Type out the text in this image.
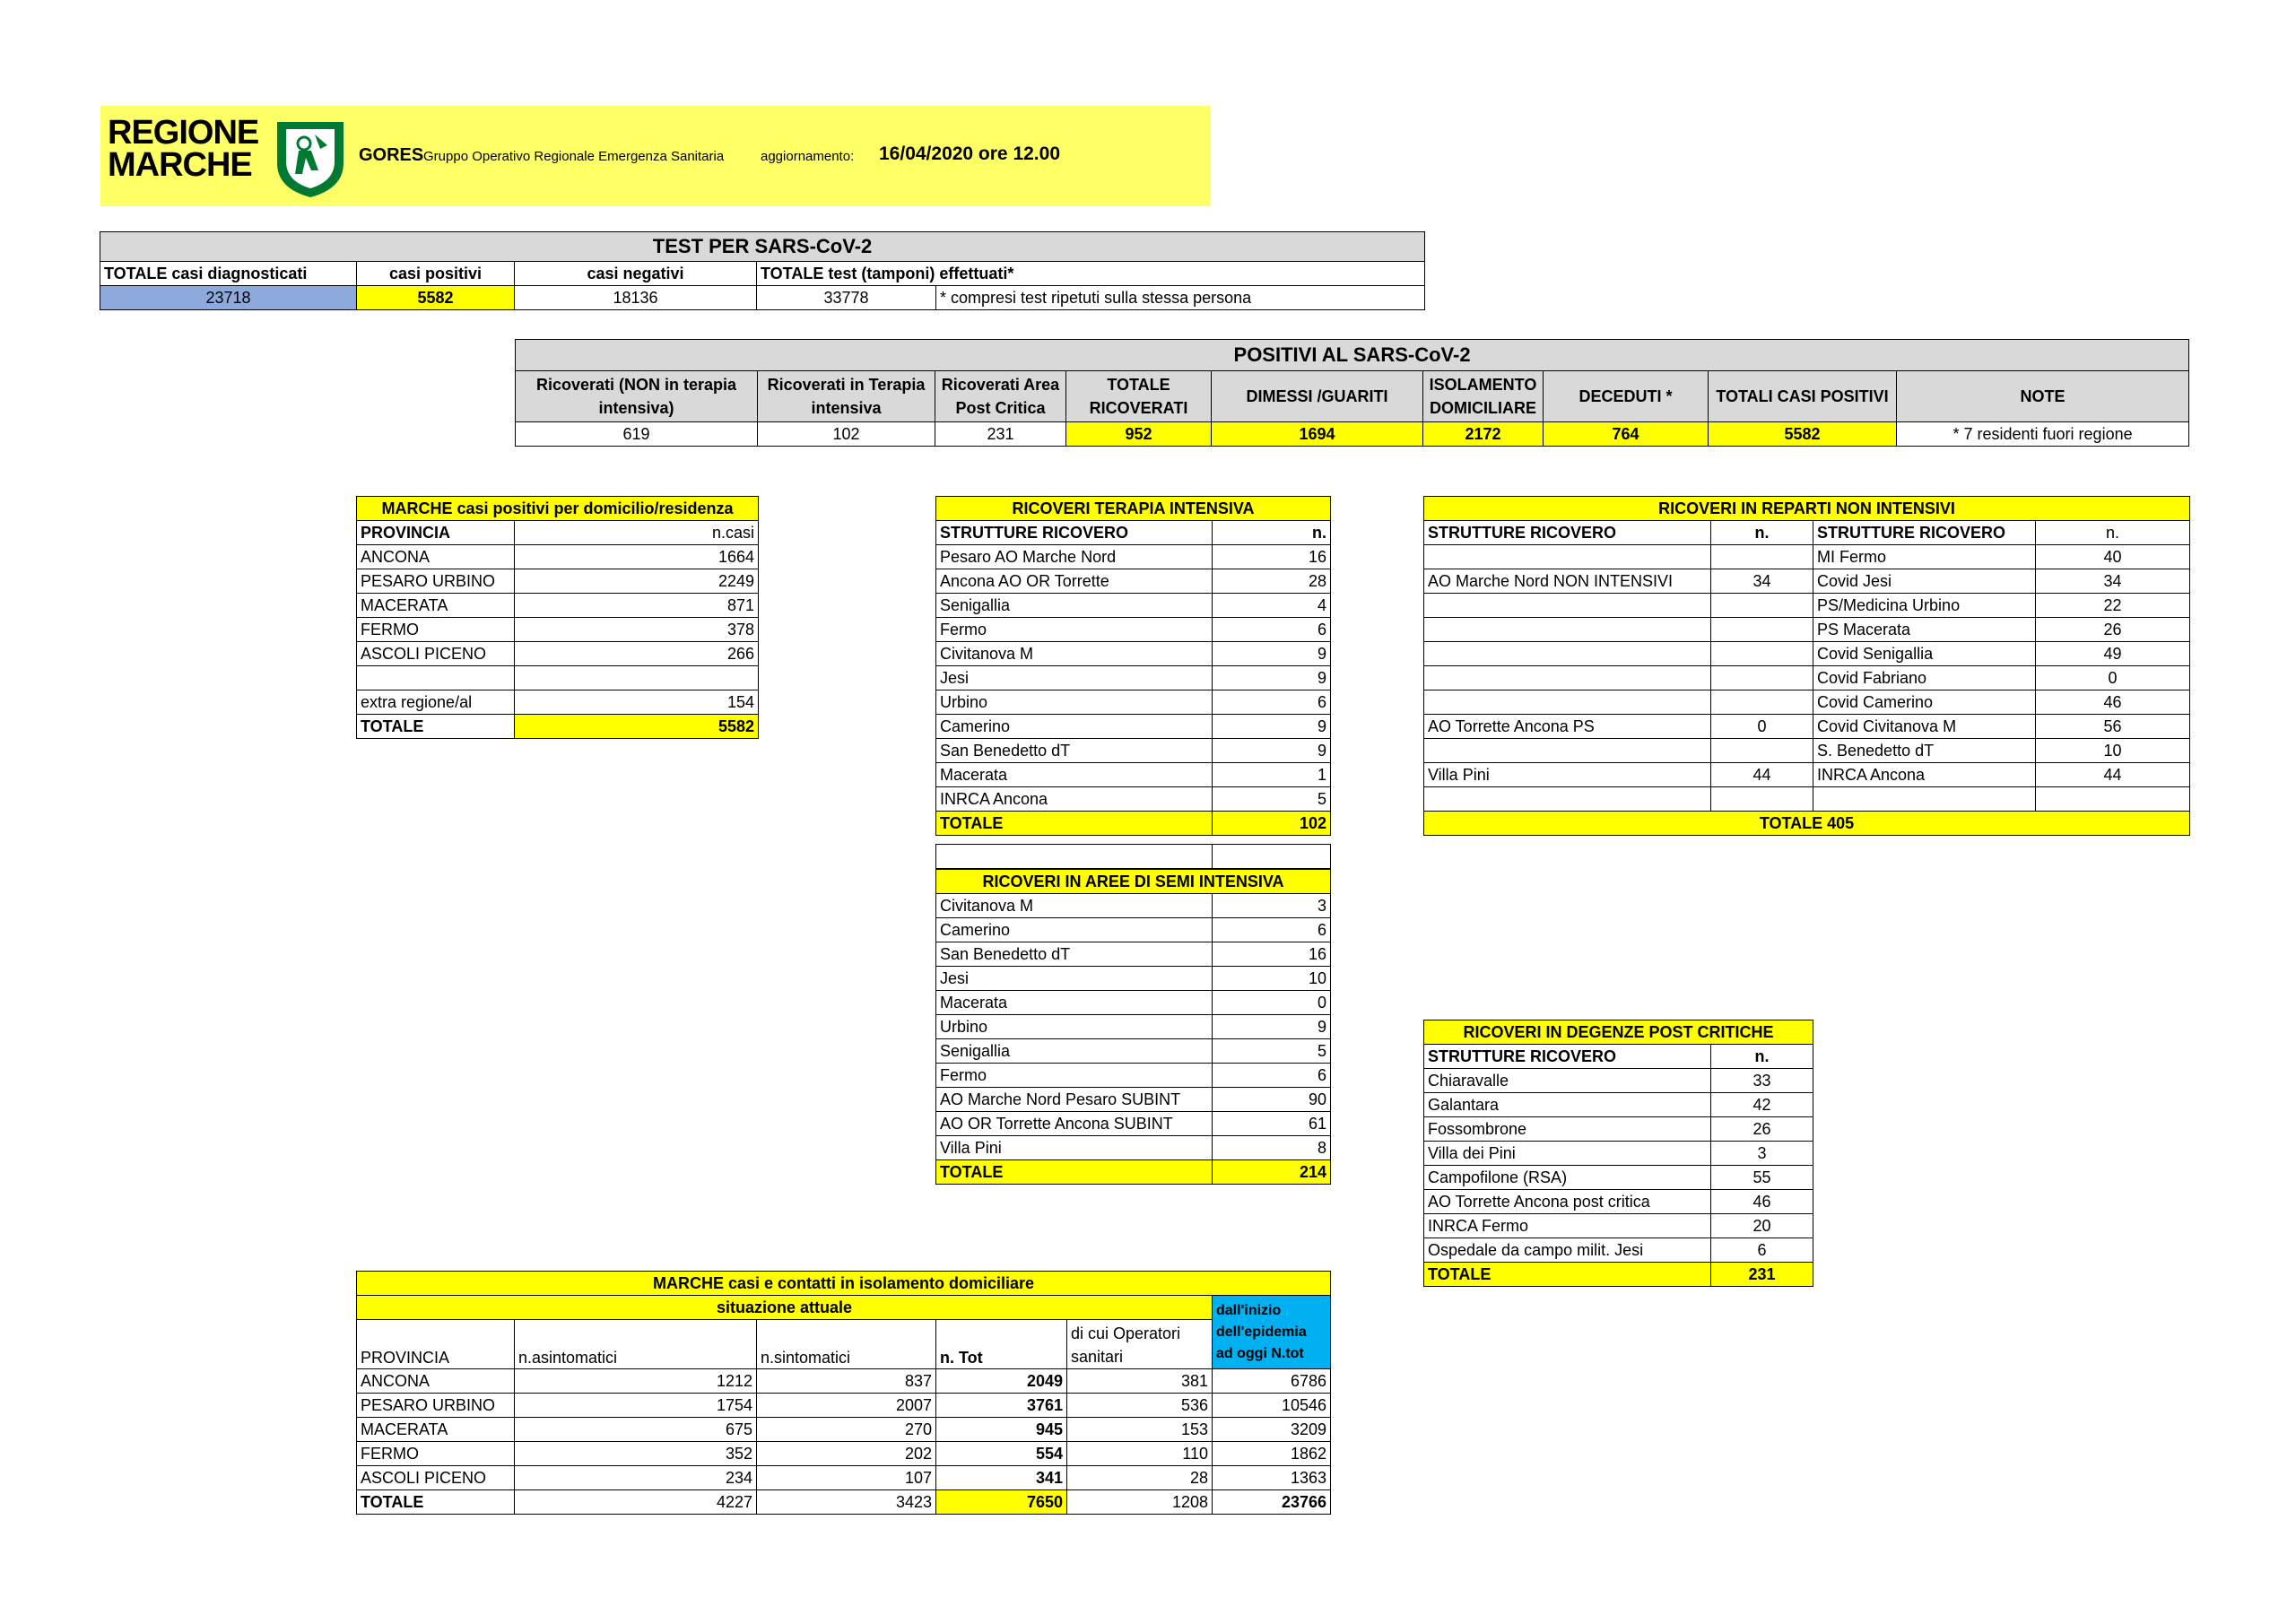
REGIONE
MARCHE	GORES Gruppo Operativo Regionale Emergenza Sanitaria	aggiornamento: 16/04/2020 ore 12.00
TEST PER SARS-CoV-2				
TOTALE casi diagnosticati	casi positivi	casi negativi	TOTALE test (tamponi) effettuati*	
23718	5582	18136	33778	* compresi test ripetuti sulla stessa persona
POSITIVI AL SARS-CoV-2								
Ricoverati (NON in terapia intensiva)	Ricoverati in Terapia intensiva	Ricoverati Area Post Critica	TOTALE RICOVERATI	DIMESSI /GUARITI	ISOLAMENTO DOMICILIARE	DECEDUTI *	TOTALI CASI POSITIVI	NOTE
619	102	231	952	1694	2172	764	5582	* 7 residenti fuori regione
MARCHE casi positivi per domicilio/residenza	
PROVINCIA	n.casi
ANCONA	1664
PESARO URBINO	2249
MACERATA	871
FERMO	378
ASCOLI PICENO	266

extra regione/al	154
TOTALE	5582
RICOVERI TERAPIA INTENSIVA	
STRUTTURE RICOVERO	n.
Pesaro AO Marche Nord	16
Ancona AO OR Torrette	28
Senigallia	4
Fermo	6
Civitanova M	9
Jesi	9
Urbino	6
Camerino	9
San Benedetto dT	9
Macerata	1
INRCA Ancona	5
TOTALE	102

RICOVERI IN AREE DI SEMI INTENSIVA	
Civitanova M	3
Camerino	6
San Benedetto dT	16
Jesi	10
Macerata	0
Urbino	9
Senigallia	5
Fermo	6
AO Marche Nord Pesaro SUBINT	90
AO OR Torrette Ancona SUBINT	61
Villa Pini	8
TOTALE	214
RICOVERI IN REPARTI NON INTENSIVI			
STRUTTURE RICOVERO	n.	STRUTTURE RICOVERO	n.
		MI Fermo	40
AO Marche Nord NON INTENSIVI	34	Covid Jesi	34
		PS/Medicina Urbino	22
		PS Macerata	26
		Covid Senigallia	49
		Covid Fabriano	0
		Covid Camerino	46
AO Torrette Ancona PS	0	Covid Civitanova M	56
		S. Benedetto dT	10
Villa Pini	44	INRCA Ancona	44

TOTALE 405			
RICOVERI IN DEGENZE POST CRITICHE	
STRUTTURE RICOVERO	n.
Chiaravalle	33
Galantara	42
Fossombrone	26
Villa dei Pini	3
Campofilone (RSA)	55
AO Torrette Ancona post critica	46
INRCA Fermo	20
Ospedale da campo milit. Jesi	6
TOTALE	231
MARCHE casi e contatti in isolamento domiciliare					
situazione attuale					dall'inizio dell'epidemia ad oggi N.tot
PROVINCIA	n.asintomatici	n.sintomatici	n. Tot	di cui Operatori sanitari	
ANCONA	1212	837	2049	381	6786
PESARO URBINO	1754	2007	3761	536	10546
MACERATA	675	270	945	153	3209
FERMO	352	202	554	110	1862
ASCOLI PICENO	234	107	341	28	1363
TOTALE	4227	3423	7650	1208	23766
